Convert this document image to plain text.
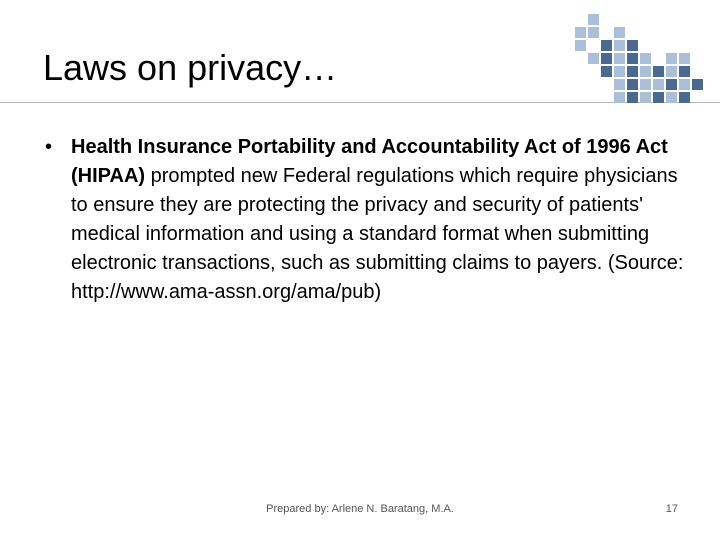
Laws on privacy…
• Health Insurance Portability and Accountability Act of 1996 Act (HIPAA) prompted new Federal regulations which require physicians to ensure they are protecting the privacy and security of patients' medical information and using a standard format when submitting electronic transactions, such as submitting claims to payers. (Source: http://www.ama-assn.org/ama/pub)
Prepared by: Arlene N. Baratang, M.A.	17
